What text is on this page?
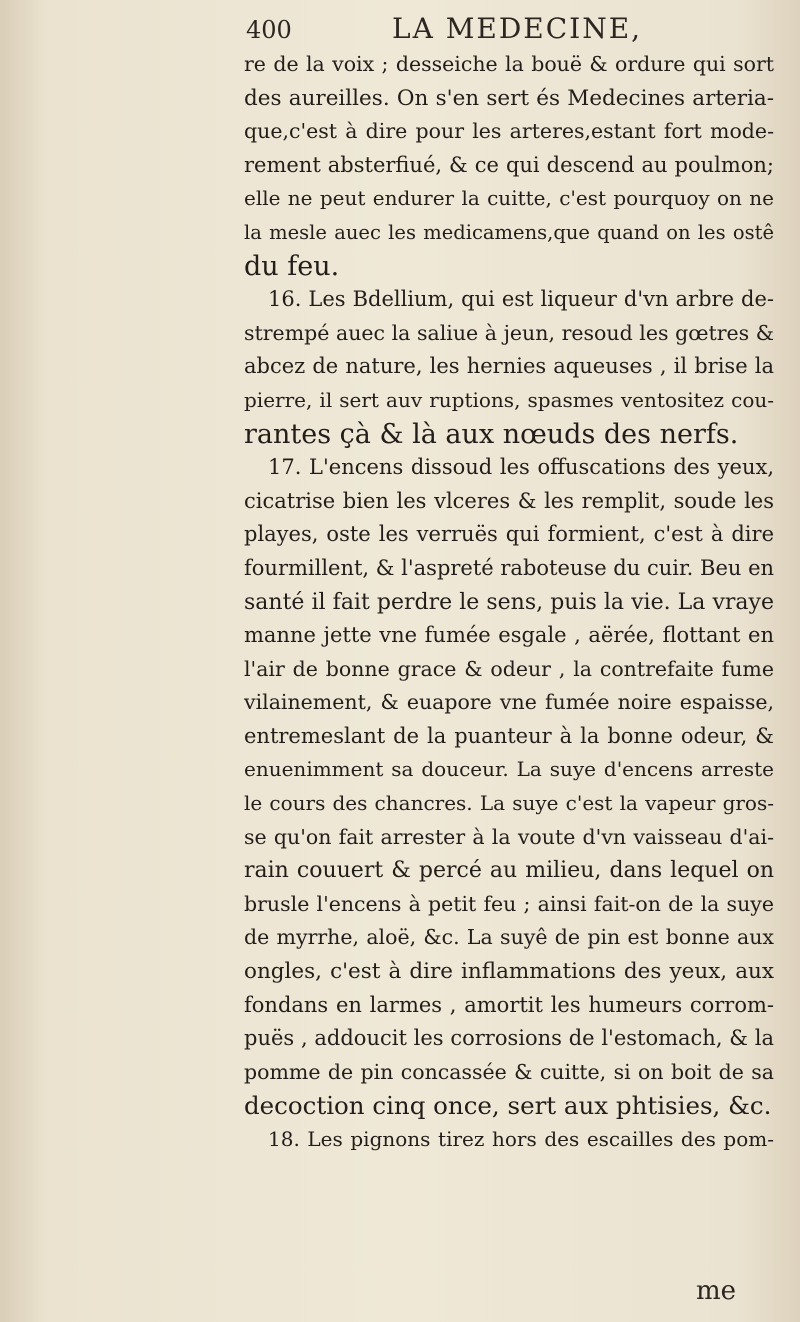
400	LA MEDECINE,
re de la voix ; desseiche la bouë & ordure qui sort
des aureilles. On s'en sert és Medecines arteria-
que,c'est à dire pour les arteres,estant fort mode-
rement absterfiué, & ce qui descend au poulmon;
elle ne peut endurer la cuitte, c'est pourquoy on ne
la mesle auec les medicamens,que quand on les ostê
du feu.
16. Les Bdellium, qui est liqueur d'vn arbre de-
strempé auec la saliue à jeun, resoud les gœtres &
abcez de nature, les hernies aqueuses , il brise la
pierre, il sert auv ruptions, spasmes ventositez cou-
rantes çà & là aux nœuds des nerfs.
17. L'encens dissoud les offuscations des yeux,
cicatrise bien les vlceres & les remplit, soude les
playes, oste les verruës qui formient, c'est à dire
fourmillent, & l'aspreté raboteuse du cuir. Beu en
santé il fait perdre le sens, puis la vie. La vraye
manne jette vne fumée esgale , aërée, flottant en
l'air de bonne grace & odeur , la contrefaite fume
vilainement, & euapore vne fumée noire espaisse,
entremeslant de la puanteur à la bonne odeur, &
enuenimment sa douceur. La suye d'encens arreste
le cours des chancres. La suye c'est la vapeur gros-
se qu'on fait arrester à la voute d'vn vaisseau d'ai-
rain couuert & percé au milieu, dans lequel on
brusle l'encens à petit feu ; ainsi fait-on de la suye
de myrrhe, aloë, &c. La suyê de pin est bonne aux
ongles, c'est à dire inflammations des yeux, aux
fondans en larmes , amortit les humeurs corrom-
puës , addoucit les corrosions de l'estomach, & la
pomme de pin concassée & cuitte, si on boit de sa
decoction cinq once, sert aux phtisies, &c.
18. Les pignons tirez hors des escailles des pom-
me
